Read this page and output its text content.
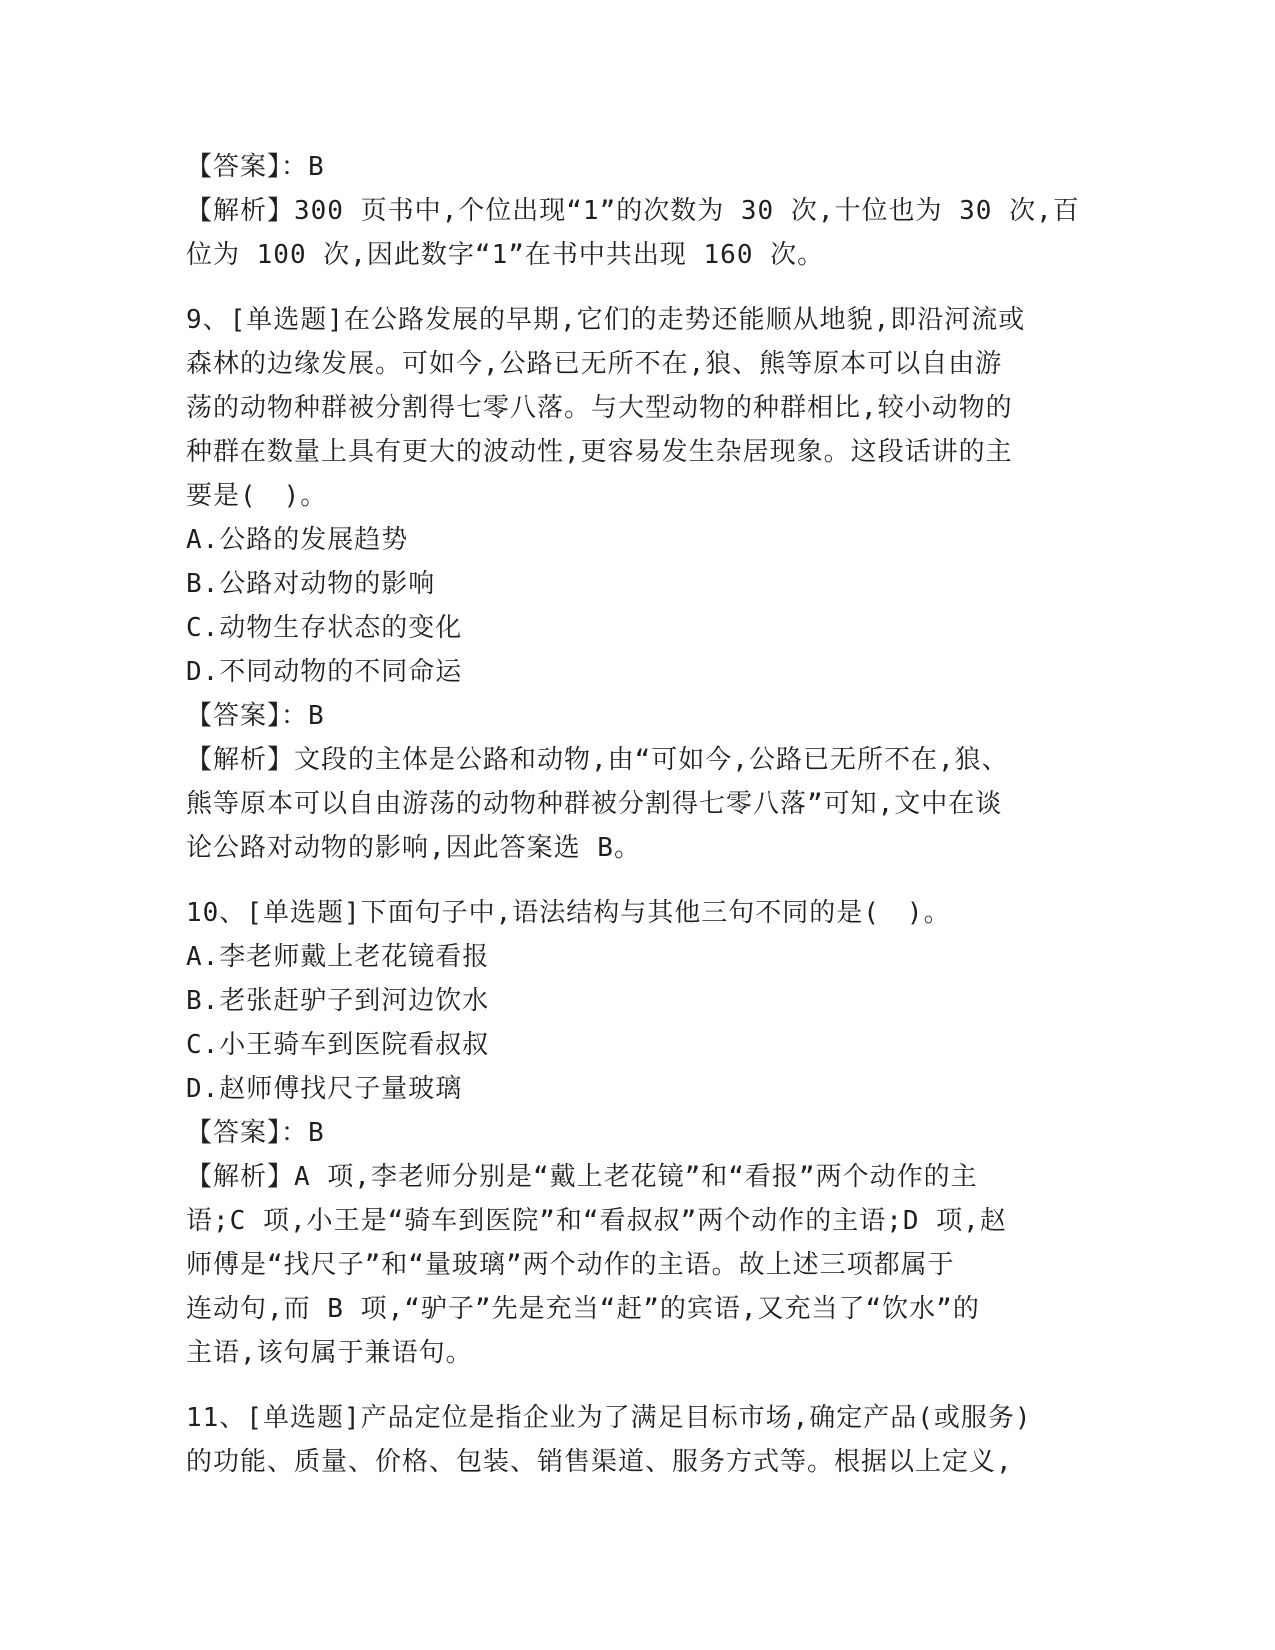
【答案】：B
【解析】300 页书中,个位出现“1”的次数为 30 次,十位也为 30 次,百
位为 100 次,因此数字“1”在书中共出现 160 次。
9、[单选题]在公路发展的早期,它们的走势还能顺从地貌,即沿河流或
森林的边缘发展。可如今,公路已无所不在,狼、熊等原本可以自由游
荡的动物种群被分割得七零八落。与大型动物的种群相比,较小动物的
种群在数量上具有更大的波动性,更容易发生杂居现象。这段话讲的主
要是(　)。
A.公路的发展趋势
B.公路对动物的影响
C.动物生存状态的变化
D.不同动物的不同命运
【答案】：B
【解析】文段的主体是公路和动物,由“可如今,公路已无所不在,狼、
熊等原本可以自由游荡的动物种群被分割得七零八落”可知,文中在谈
论公路对动物的影响,因此答案选 B。
10、[单选题]下面句子中,语法结构与其他三句不同的是(　)。
A.李老师戴上老花镜看报
B.老张赶驴子到河边饮水
C.小王骑车到医院看叔叔
D.赵师傅找尺子量玻璃
【答案】：B
【解析】A 项,李老师分别是“戴上老花镜”和“看报”两个动作的主
语;C 项,小王是“骑车到医院”和“看叔叔”两个动作的主语;D 项,赵
师傅是“找尺子”和“量玻璃”两个动作的主语。故上述三项都属于
连动句,而 B 项,“驴子”先是充当“赶”的宾语,又充当了“饮水”的
主语,该句属于兼语句。
11、[单选题]产品定位是指企业为了满足目标市场,确定产品(或服务)
的功能、质量、价格、包装、销售渠道、服务方式等。根据以上定义,
